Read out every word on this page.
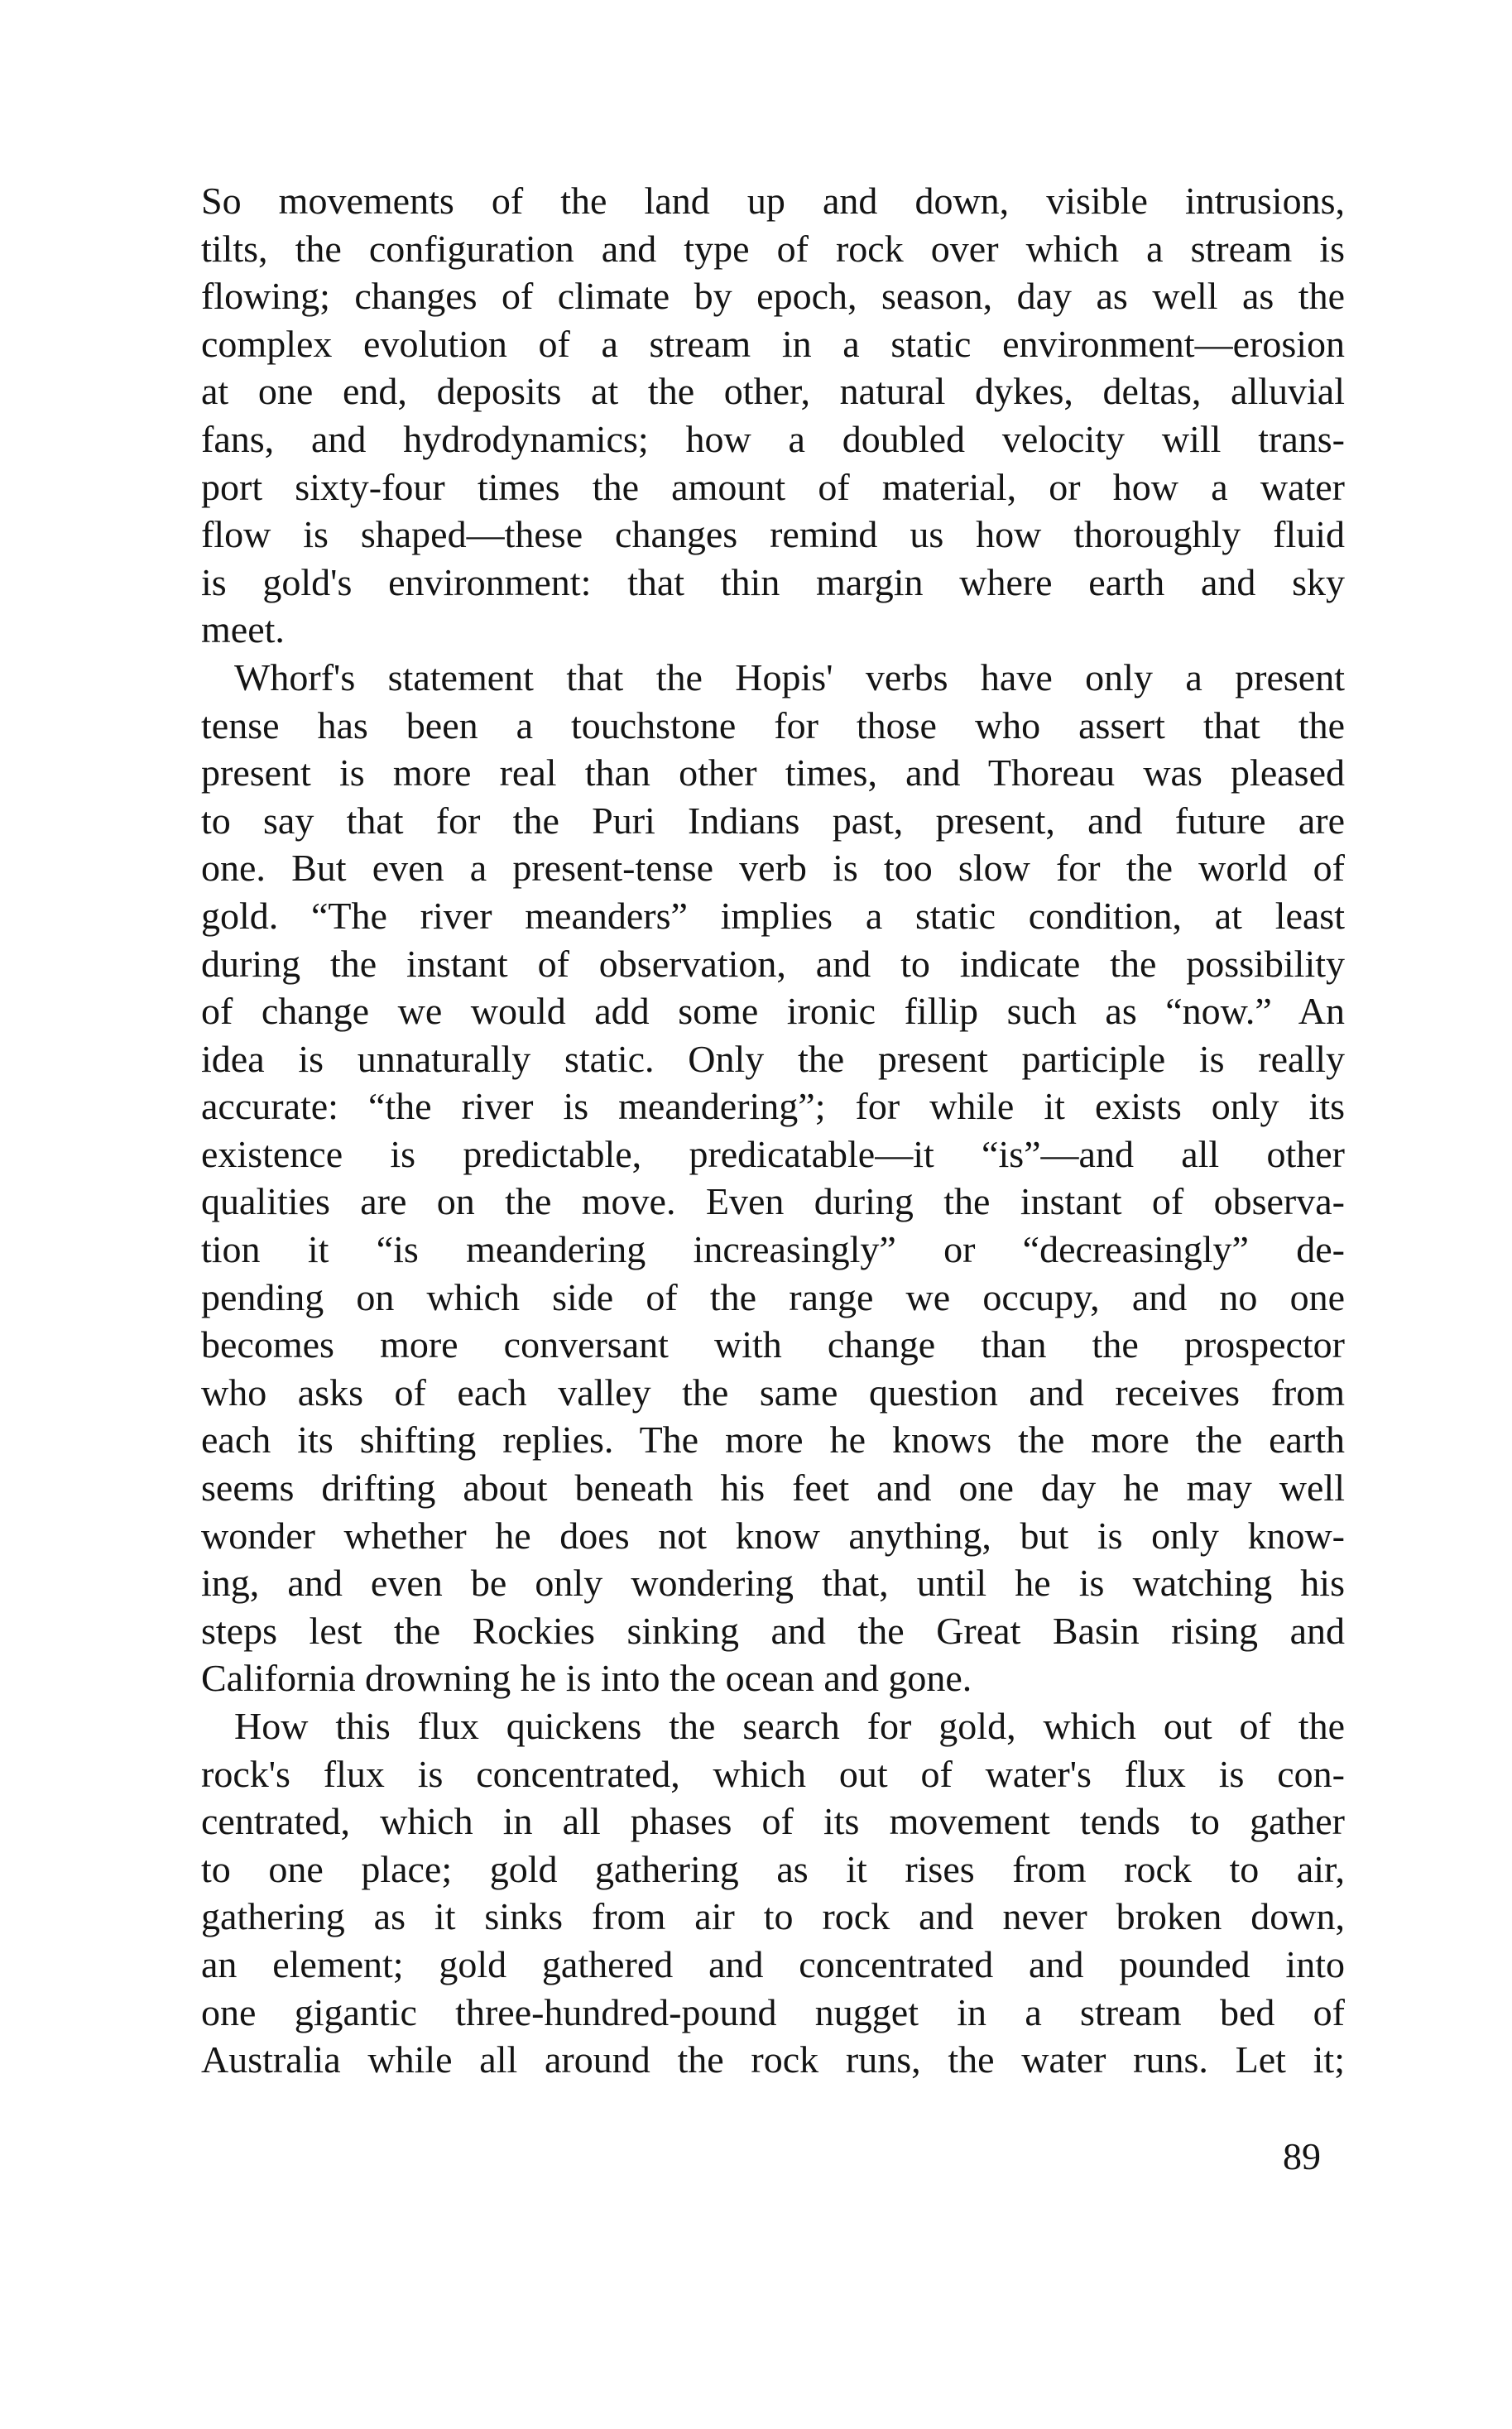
So movements of the land up and down, visible intrusions,
tilts, the configuration and type of rock over which a stream is
flowing; changes of climate by epoch, season, day as well as the
complex evolution of a stream in a static environment—erosion
at one end, deposits at the other, natural dykes, deltas, alluvial
fans, and hydrodynamics; how a doubled velocity will trans-
port sixty-four times the amount of material, or how a water
flow is shaped—these changes remind us how thoroughly fluid
is gold's environment: that thin margin where earth and sky
meet.
Whorf's statement that the Hopis' verbs have only a present
tense has been a touchstone for those who assert that the
present is more real than other times, and Thoreau was pleased
to say that for the Puri Indians past, present, and future are
one. But even a present-tense verb is too slow for the world of
gold. “The river meanders” implies a static condition, at least
during the instant of observation, and to indicate the possibility
of change we would add some ironic fillip such as “now.” An
idea is unnaturally static. Only the present participle is really
accurate: “the river is meandering”; for while it exists only its
existence is predictable, predicatable—it “is”—and all other
qualities are on the move. Even during the instant of observa-
tion it “is meandering increasingly” or “decreasingly” de-
pending on which side of the range we occupy, and no one
becomes more conversant with change than the prospector
who asks of each valley the same question and receives from
each its shifting replies. The more he knows the more the earth
seems drifting about beneath his feet and one day he may well
wonder whether he does not know anything, but is only know-
ing, and even be only wondering that, until he is watching his
steps lest the Rockies sinking and the Great Basin rising and
California drowning he is into the ocean and gone.
How this flux quickens the search for gold, which out of the
rock's flux is concentrated, which out of water's flux is con-
centrated, which in all phases of its movement tends to gather
to one place; gold gathering as it rises from rock to air,
gathering as it sinks from air to rock and never broken down,
an element; gold gathered and concentrated and pounded into
one gigantic three-hundred-pound nugget in a stream bed of
Australia while all around the rock runs, the water runs. Let it;
89
